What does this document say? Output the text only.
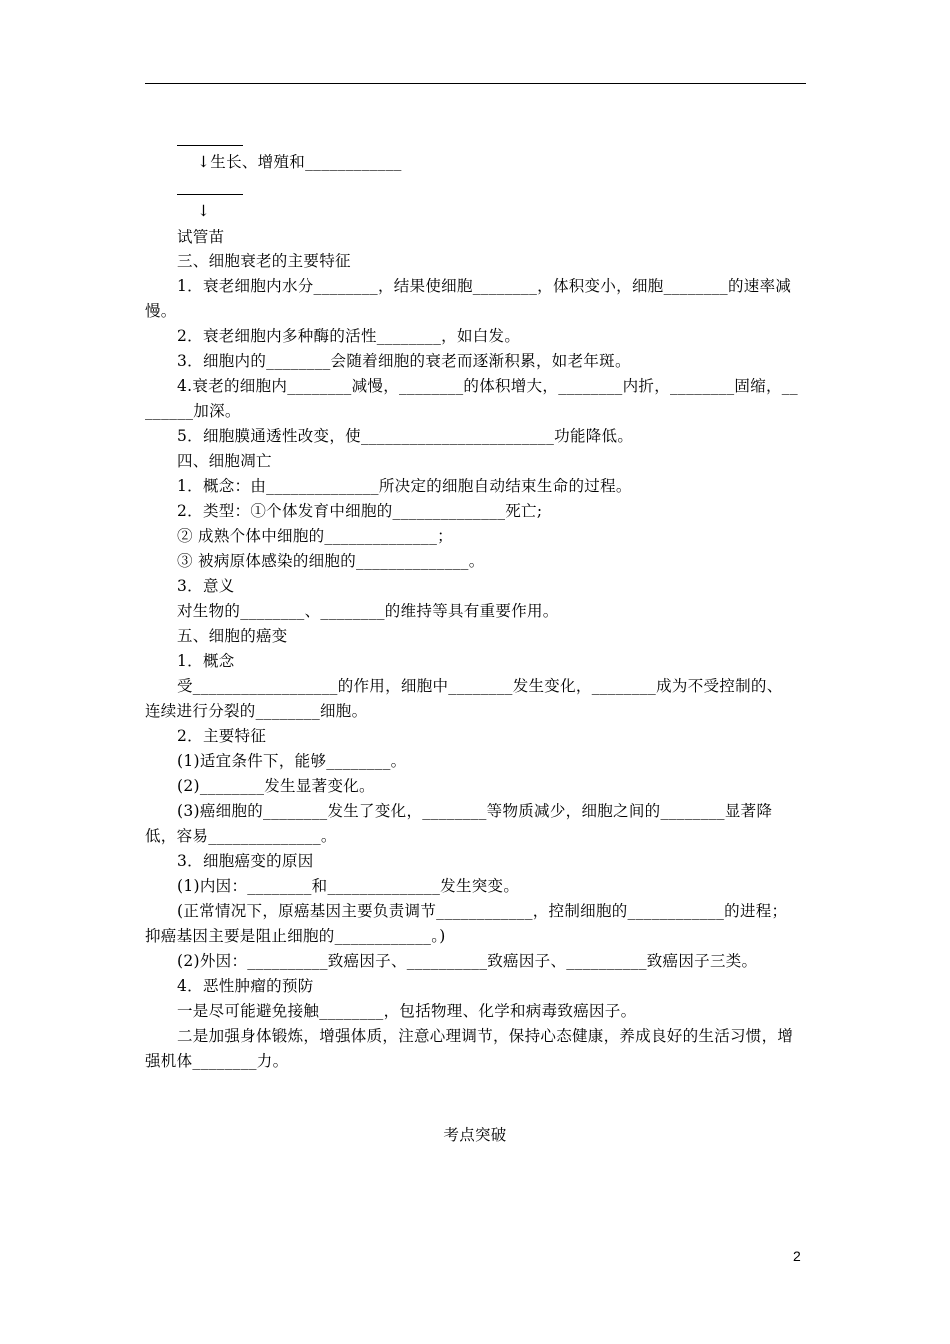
↓生长、增殖和____________
↓
试管苗
三、细胞衰老的主要特征
1．衰老细胞内水分________，结果使细胞________，体积变小，细胞________的速率减
慢。
2．衰老细胞内多种酶的活性________，如白发。
3．细胞内的________会随着细胞的衰老而逐渐积累，如老年斑。
4.衰老的细胞内________减慢，________的体积增大，________内折，________固缩，__
______加深。
5．细胞膜通透性改变，使________________________功能降低。
四、细胞凋亡
1．概念：由______________所决定的细胞自动结束生命的过程。
2．类型：①个体发育中细胞的______________死亡;
② 成熟个体中细胞的______________；
③ 被病原体感染的细胞的______________。
3．意义
对生物的________、________的维持等具有重要作用。
五、细胞的癌变
1．概念
受__________________的作用，细胞中________发生变化，________成为不受控制的、
连续进行分裂的________细胞。
2．主要特征
(1)适宜条件下，能够________。
(2)________发生显著变化。
(3)癌细胞的________发生了变化，________等物质减少，细胞之间的________显著降
低，容易______________。
3．细胞癌变的原因
(1)内因：________和______________发生突变。
(正常情况下，原癌基因主要负责调节____________，控制细胞的____________的进程；
抑癌基因主要是阻止细胞的____________。)
(2)外因：__________致癌因子、__________致癌因子、__________致癌因子三类。
4．恶性肿瘤的预防
一是尽可能避免接触________，包括物理、化学和病毒致癌因子。
二是加强身体锻炼，增强体质，注意心理调节，保持心态健康，养成良好的生活习惯，增
强机体________力。
考点突破
2
